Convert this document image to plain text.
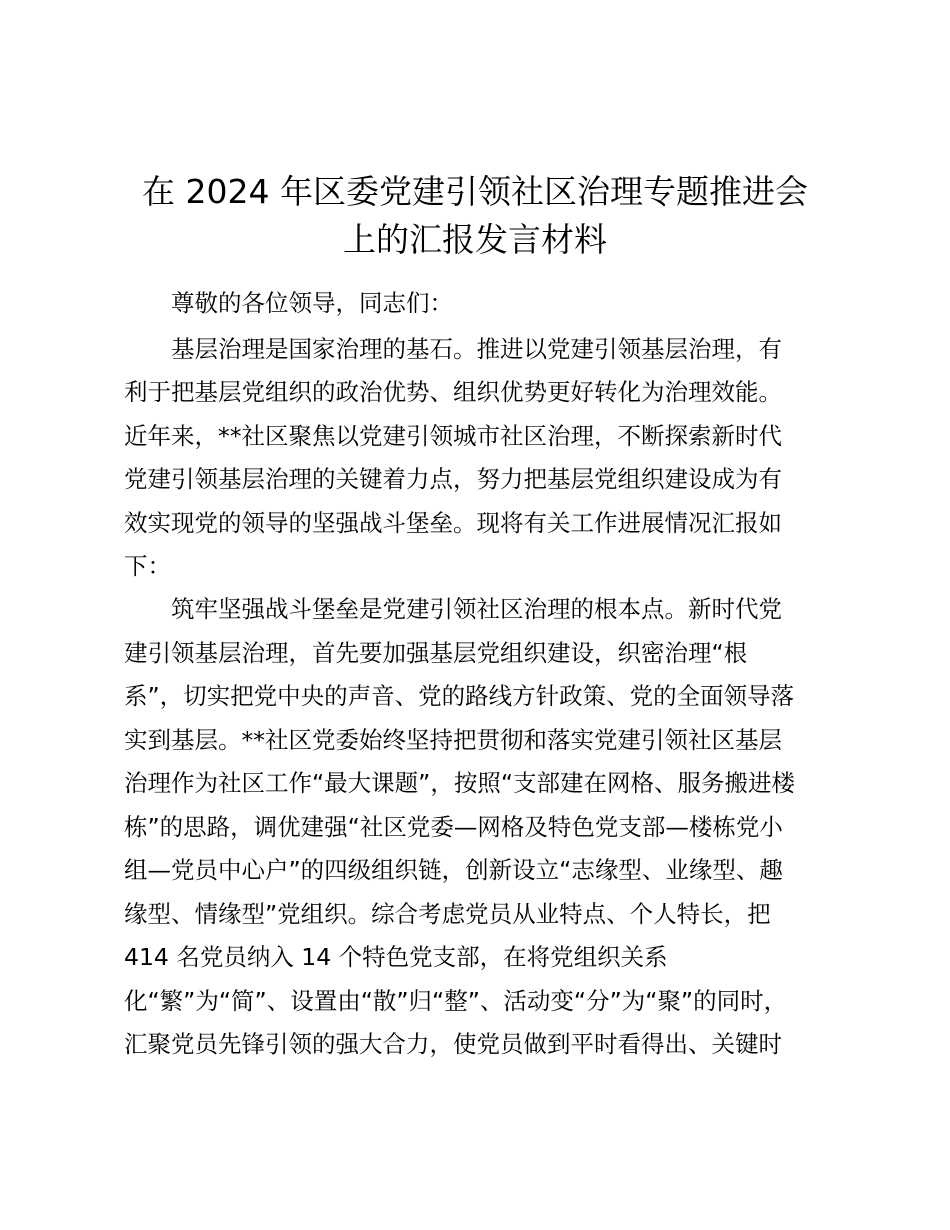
在 2024 年区委党建引领社区治理专题推进会
上的汇报发言材料
尊敬的各位领导，同志们：
基层治理是国家治理的基石。推进以党建引领基层治理，有
利于把基层党组织的政治优势、组织优势更好转化为治理效能。
近年来，**社区聚焦以党建引领城市社区治理，不断探索新时代
党建引领基层治理的关键着力点，努力把基层党组织建设成为有
效实现党的领导的坚强战斗堡垒。现将有关工作进展情况汇报如
下：
筑牢坚强战斗堡垒是党建引领社区治理的根本点。新时代党
建引领基层治理，首先要加强基层党组织建设，织密治理“根
系”，切实把党中央的声音、党的路线方针政策、党的全面领导落
实到基层。**社区党委始终坚持把贯彻和落实党建引领社区基层
治理作为社区工作“最大课题”，按照“支部建在网格、服务搬进楼
栋”的思路，调优建强“社区党委—网格及特色党支部—楼栋党小
组—党员中心户”的四级组织链，创新设立“志缘型、业缘型、趣
缘型、情缘型”党组织。综合考虑党员从业特点、个人特长，把
414 名党员纳入 14 个特色党支部，在将党组织关系
化“繁”为“简”、设置由“散”归“整”、活动变“分”为“聚”的同时，
汇聚党员先锋引领的强大合力，使党员做到平时看得出、关键时
